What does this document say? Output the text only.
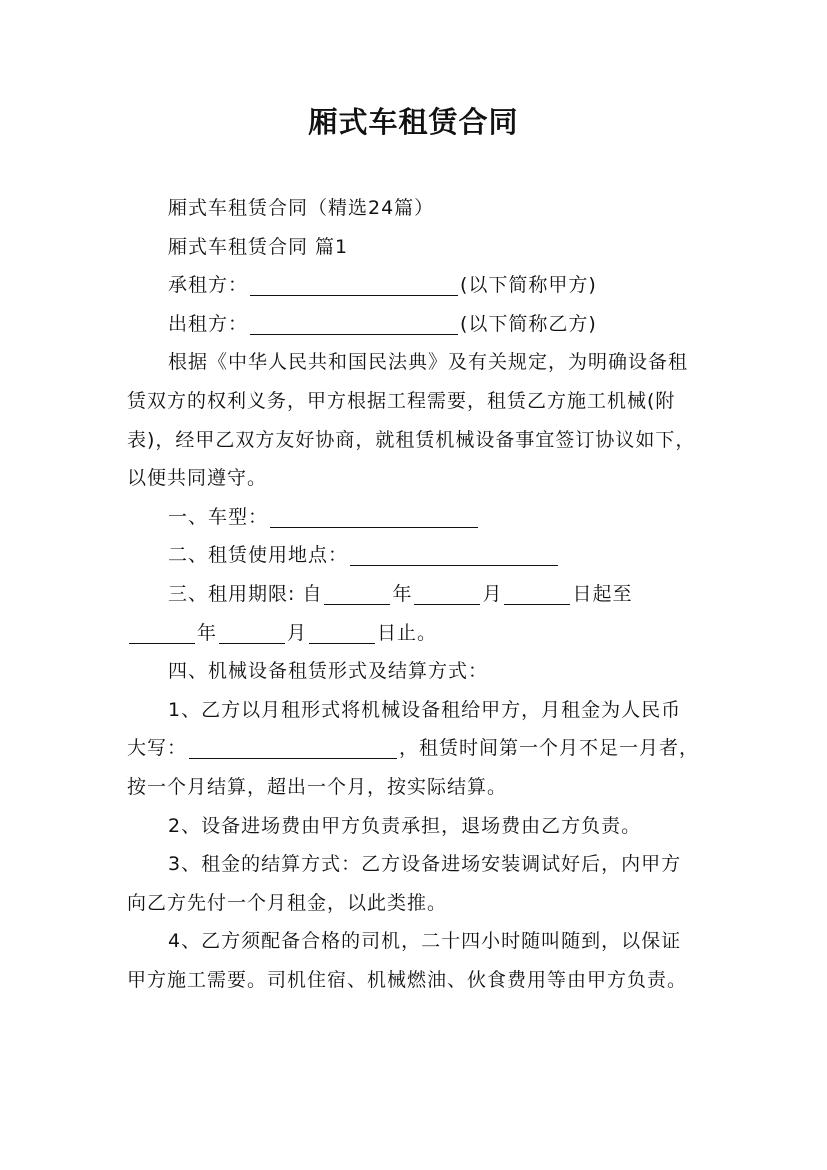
厢式车租赁合同

厢式车租赁合同（精选24篇）

厢式车租赁合同 篇1

承租方：	(以下简称甲方)

出租方：	(以下简称乙方)

根据《中华人民共和国民法典》及有关规定，为明确设备租赁双方的权利义务，甲方根据工程需要，租赁乙方施工机械(附表)，经甲乙双方友好协商，就租赁机械设备事宜签订协议如下，以便共同遵守。

一、车型：

二、租赁使用地点：

三、租用期限: 自	年	月	日起至年	月	日止。

四、机械设备租赁形式及结算方式：

1、乙方以月租形式将机械设备租给甲方，月租金为人民币大写：	，租赁时间第一个月不足一月者，按一个月结算，超出一个月，按实际结算。

2、设备进场费由甲方负责承担，退场费由乙方负责。

3、租金的结算方式：乙方设备进场安装调试好后，内甲方向乙方先付一个月租金，以此类推。

4、乙方须配备合格的司机，二十四小时随叫随到，以保证甲方施工需要。司机住宿、机械燃油、伙食费用等由甲方负责。
